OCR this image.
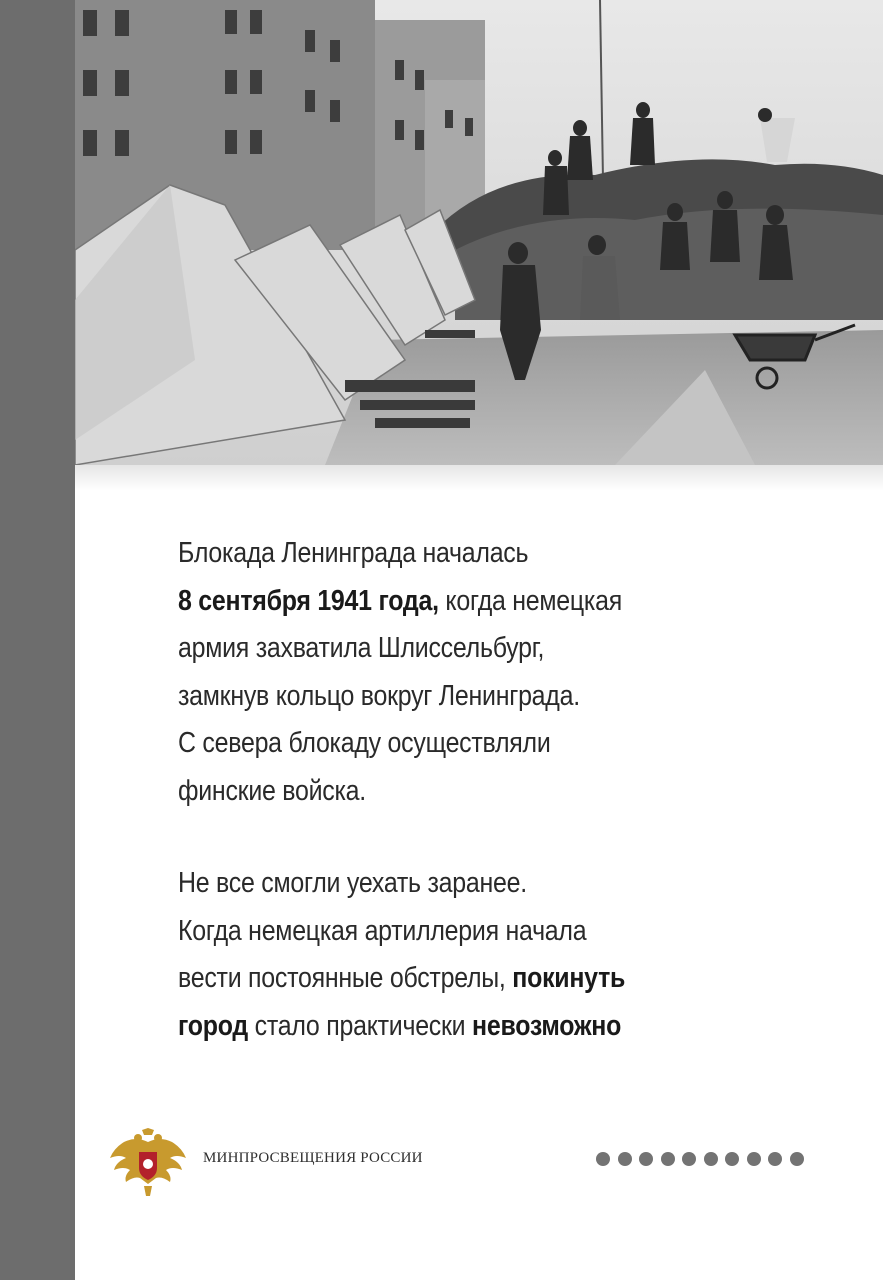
Блокада Ленинграда началась
8 сентября 1941 года, когда немецкая
армия захватила Шлиссельбург,
замкнув кольцо вокруг Ленинграда.
С севера блокаду осуществляли
финские войска.
Не все смогли уехать заранее.
Когда немецкая артиллерия начала
вести постоянные обстрелы, покинуть
город стало практически невозможно
МИНПРОСВЕЩЕНИЯ РОССИИ
